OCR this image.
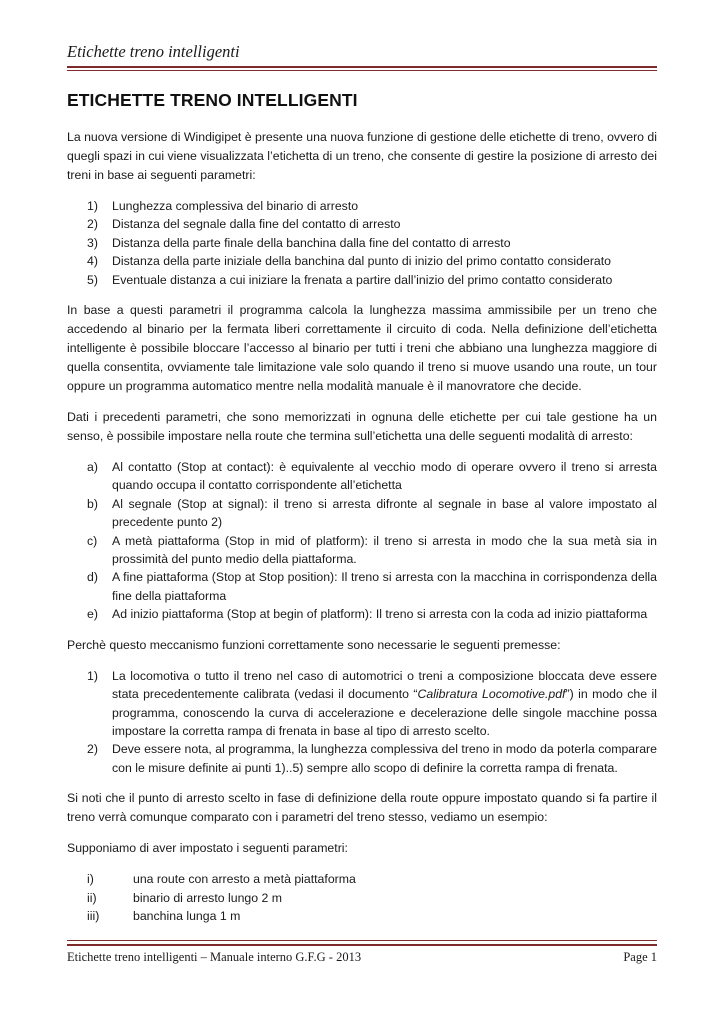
Etichette treno intelligenti
ETICHETTE TRENO INTELLIGENTI

La nuova versione di Windigipet è presente una nuova funzione di gestione delle etichette di treno, ovvero di quegli spazi in cui viene visualizzata l’etichetta di un treno, che consente di gestire la posizione di arresto dei treni in base ai seguenti parametri:

1) Lunghezza complessiva del binario di arresto
2) Distanza del segnale dalla fine del contatto di arresto
3) Distanza della parte finale della banchina dalla fine del contatto di arresto
4) Distanza della parte iniziale della banchina dal punto di inizio del primo contatto considerato
5) Eventuale distanza a cui iniziare la frenata a partire dall’inizio del primo contatto considerato

In base a questi parametri il programma calcola la lunghezza massima ammissibile per un treno che accedendo al binario per la fermata liberi correttamente il circuito di coda. Nella definizione dell’etichetta intelligente è possibile bloccare l’accesso al binario per tutti i treni che abbiano una lunghezza maggiore di quella consentita, ovviamente tale limitazione vale solo quando il treno si muove usando una route, un tour oppure un programma automatico mentre nella modalità manuale è il manovratore che decide.

Dati i precedenti parametri, che sono memorizzati in ognuna delle etichette per cui tale gestione ha un senso, è possibile impostare nella route che termina sull’etichetta una delle seguenti modalità di arresto:

a) Al contatto (Stop at contact): è equivalente al vecchio modo di operare ovvero il treno si arresta quando occupa il contatto corrispondente all’etichetta
b) Al segnale (Stop at signal): il treno si arresta difronte al segnale in base al valore impostato al precedente punto 2)
c) A metà piattaforma (Stop in mid of platform): il treno si arresta in modo che la sua metà sia in prossimità del punto medio della piattaforma.
d) A fine piattaforma (Stop at Stop position): Il treno si arresta con la macchina in corrispondenza della fine della piattaforma
e) Ad inizio piattaforma (Stop at begin of platform): Il treno si arresta con la coda ad inizio piattaforma

Perchè questo meccanismo funzioni correttamente sono necessarie le seguenti premesse:

1) La locomotiva o tutto il treno nel caso di automotrici o treni a composizione bloccata deve essere stata precedentemente calibrata (vedasi il documento “Calibratura Locomotive.pdf”) in modo che il programma, conoscendo la curva di accelerazione e decelerazione delle singole macchine possa impostare la corretta rampa di frenata in base al tipo di arresto scelto.
2) Deve essere nota, al programma, la lunghezza complessiva del treno in modo da poterla comparare con le misure definite ai punti 1)..5) sempre allo scopo di definire la corretta rampa di frenata.

Si noti che il punto di arresto scelto in fase di definizione della route oppure impostato quando si fa partire il treno verrà comunque comparato con i parametri del treno stesso, vediamo un esempio:

Supponiamo di aver impostato i seguenti parametri:

i)	una route con arresto a metà piattaforma
ii)	binario di arresto lungo 2 m
iii)	banchina lunga 1 m
Etichette treno intelligenti – Manuale interno G.F.G - 2013	Page 1
